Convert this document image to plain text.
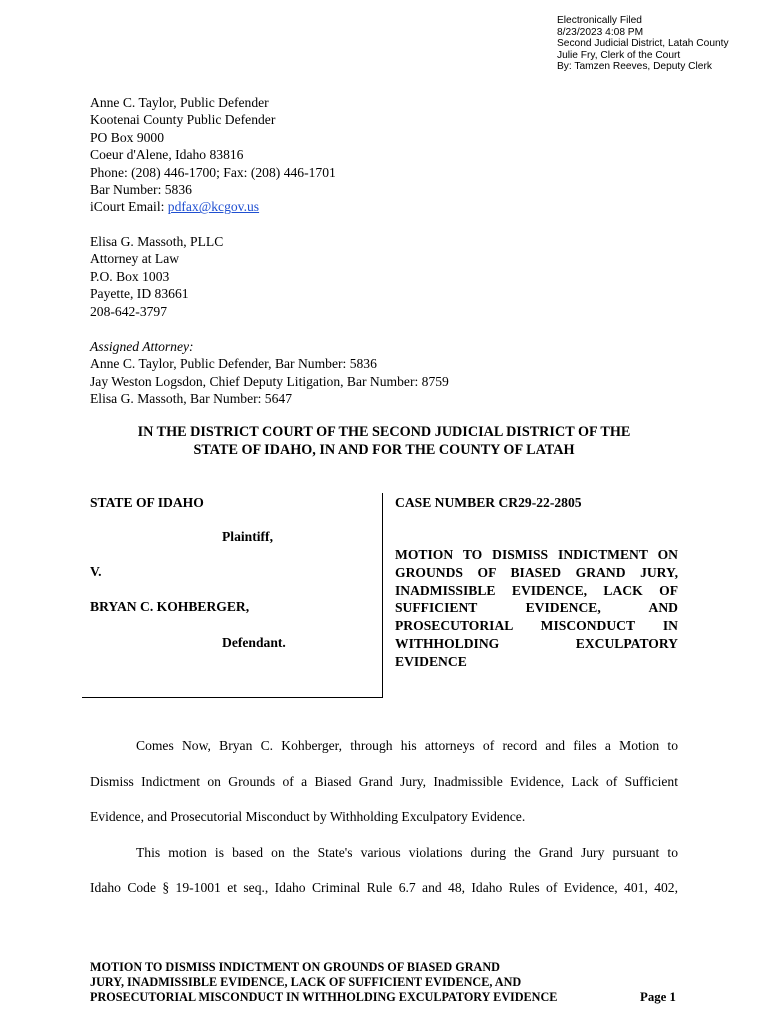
Electronically Filed
8/23/2023 4:08 PM
Second Judicial District, Latah County
Julie Fry, Clerk of the Court
By: Tamzen Reeves, Deputy Clerk
Anne C. Taylor, Public Defender
Kootenai County Public Defender
PO Box 9000
Coeur d'Alene, Idaho 83816
Phone: (208) 446-1700; Fax: (208) 446-1701
Bar Number: 5836
iCourt Email: pdfax@kcgov.us
Elisa G. Massoth, PLLC
Attorney at Law
P.O. Box 1003
Payette, ID 83661
208-642-3797
Assigned Attorney:
Anne C. Taylor, Public Defender, Bar Number: 5836
Jay Weston Logsdon, Chief Deputy Litigation, Bar Number: 8759
Elisa G. Massoth, Bar Number: 5647
IN THE DISTRICT COURT OF THE SECOND JUDICIAL DISTRICT OF THE
STATE OF IDAHO, IN AND FOR THE COUNTY OF LATAH
STATE OF IDAHO
Plaintiff,
V.
BRYAN C. KOHBERGER,
Defendant.
CASE NUMBER CR29-22-2805
MOTION TO DISMISS INDICTMENT ON GROUNDS OF BIASED GRAND JURY, INADMISSIBLE EVIDENCE, LACK OF SUFFICIENT EVIDENCE, AND PROSECUTORIAL MISCONDUCT IN WITHHOLDING EXCULPATORY EVIDENCE
Comes Now, Bryan C. Kohberger, through his attorneys of record and files a Motion to
Dismiss Indictment on Grounds of a Biased Grand Jury, Inadmissible Evidence, Lack of Sufficient
Evidence, and Prosecutorial Misconduct by Withholding Exculpatory Evidence.
This motion is based on the State's various violations during the Grand Jury pursuant to
Idaho Code § 19-1001 et seq., Idaho Criminal Rule 6.7 and 48, Idaho Rules of Evidence, 401, 402,
MOTION TO DISMISS INDICTMENT ON GROUNDS OF BIASED GRAND
JURY, INADMISSIBLE EVIDENCE, LACK OF SUFFICIENT EVIDENCE, AND
PROSECUTORIAL MISCONDUCT IN WITHHOLDING EXCULPATORY EVIDENCE	Page 1
